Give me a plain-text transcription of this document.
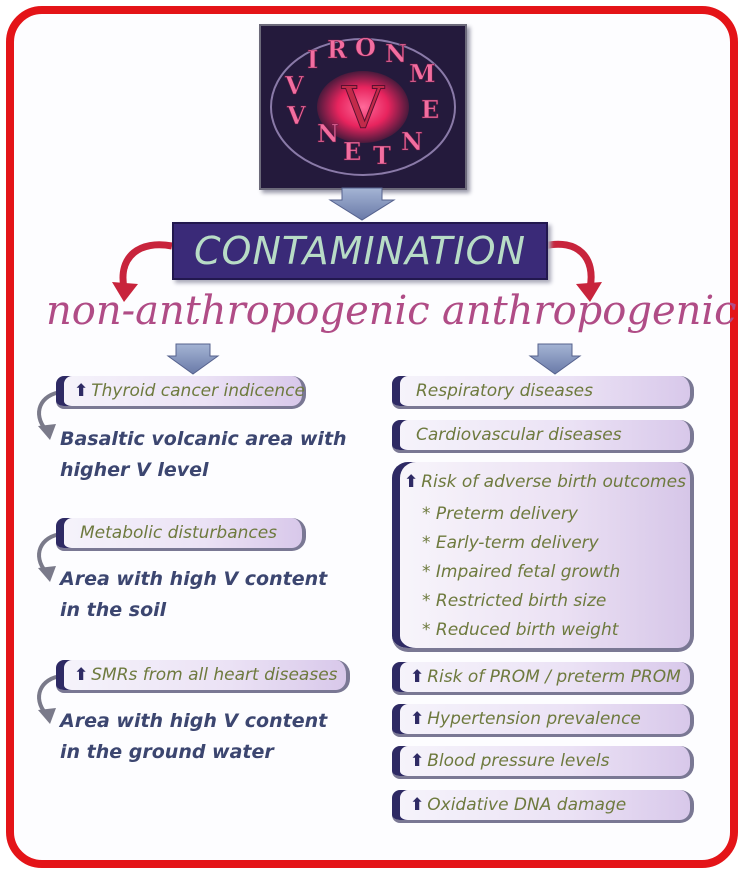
V
V
I R O N
M
E
N
T
E
N
V
CONTAMINATION
non-anthropogenic anthropogenic
⬆ Thyroid cancer indicence
Basaltic volcanic area with
higher V level
Metabolic disturbances
Area with high V content
in the soil
⬆ SMRs from all heart diseases
Area with high V content
in the ground water
Respiratory diseases
Cardiovascular diseases
⬆ Risk of adverse birth outcomes
* Preterm delivery
* Early-term delivery
* Impaired fetal growth
* Restricted birth size
* Reduced birth weight
⬆ Risk of PROM / preterm PROM
⬆ Hypertension prevalence
⬆ Blood pressure levels
⬆ Oxidative DNA damage
